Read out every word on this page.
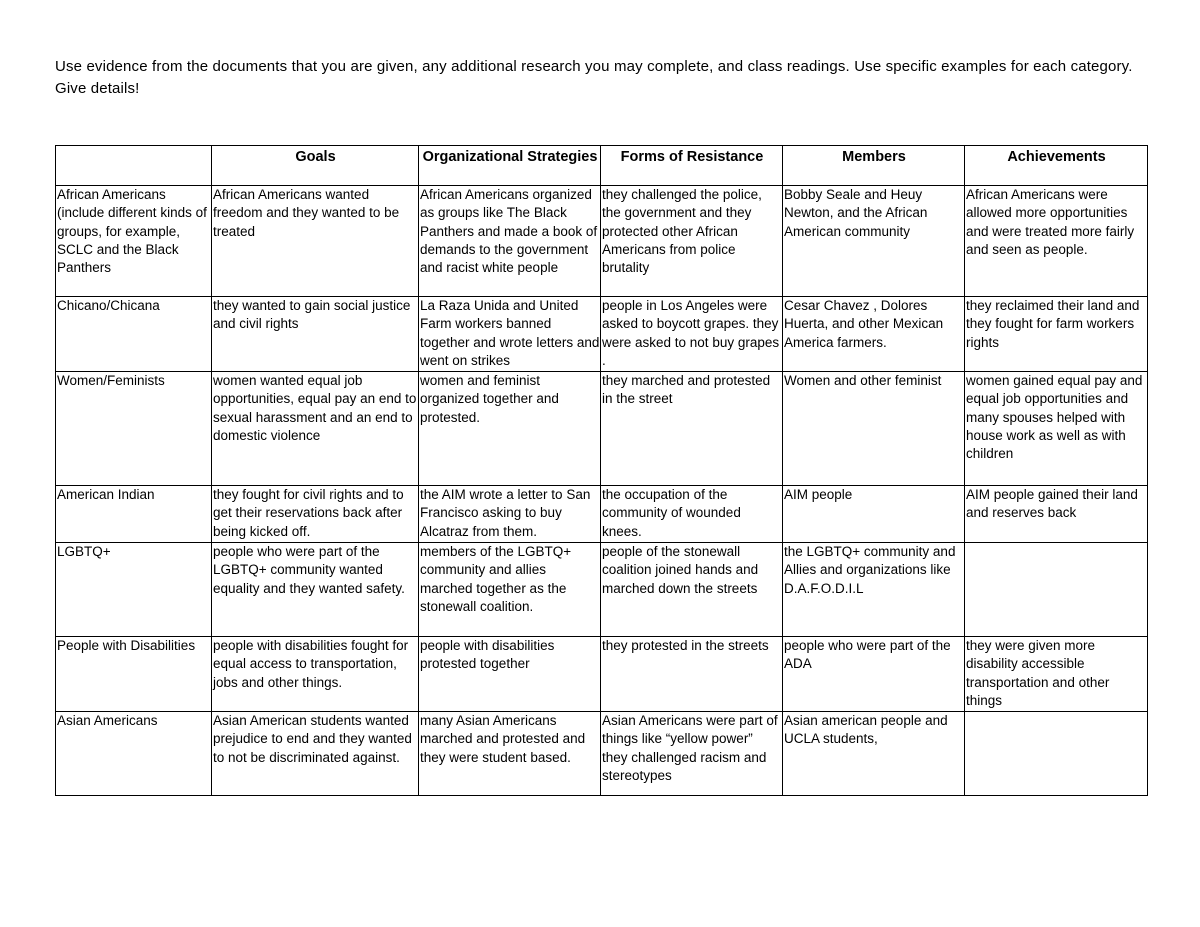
Use evidence from the documents that you are given, any additional research you may complete, and class readings. Use specific examples for each category. Give details!

	Goals	Organizational Strategies	Forms of Resistance	Members	Achievements
African Americans (include different kinds of groups, for example, SCLC and the Black Panthers	African Americans wanted freedom and they wanted to be treated	African Americans organized as groups like The Black Panthers and made a book of demands to the government and racist white people	they challenged the police, the government and they protected other African Americans from police brutality	Bobby Seale and Heuy Newton, and the African American community	African Americans were allowed more opportunities and were treated more fairly and seen as people.
Chicano/Chicana	they wanted to gain social justice and civil rights	La Raza Unida and United Farm workers banned together and wrote letters and went on strikes	people in Los Angeles were asked to boycott grapes. they were asked to not buy grapes .	Cesar Chavez , Dolores Huerta, and other Mexican America farmers.	they reclaimed their land and they fought for farm workers rights
Women/Feminists	women wanted equal job opportunities, equal pay an end to sexual harassment and an end to domestic violence	women and feminist organized together and protested.	they marched and protested in the street	Women and other feminist	women gained equal pay and equal job opportunities and many spouses helped with house work as well as with children
American Indian	they fought for civil rights and to get their reservations back after being kicked off.	the AIM wrote a letter to San Francisco asking to buy Alcatraz from them.	the occupation of the community of wounded knees.	AIM people	AIM people gained their land and reserves back
LGBTQ+	people who were part of the LGBTQ+ community wanted equality and they wanted safety.	members of the LGBTQ+ community and allies marched together as the stonewall coalition.	people of the stonewall coalition joined hands and marched down the streets	the LGBTQ+ community and Allies and organizations like D.A.F.O.D.I.L	
People with Disabilities	people with disabilities fought for equal access to transportation, jobs and other things.	people with disabilities protested together	they protested in the streets	people who were part of the ADA	they were given more disability accessible transportation and other things
Asian Americans	Asian American students wanted prejudice to end and they wanted to not be discriminated against.	many Asian Americans marched and protested and they were student based.	Asian Americans were part of things like “yellow power” they challenged racism and stereotypes	Asian american people and UCLA students,	
